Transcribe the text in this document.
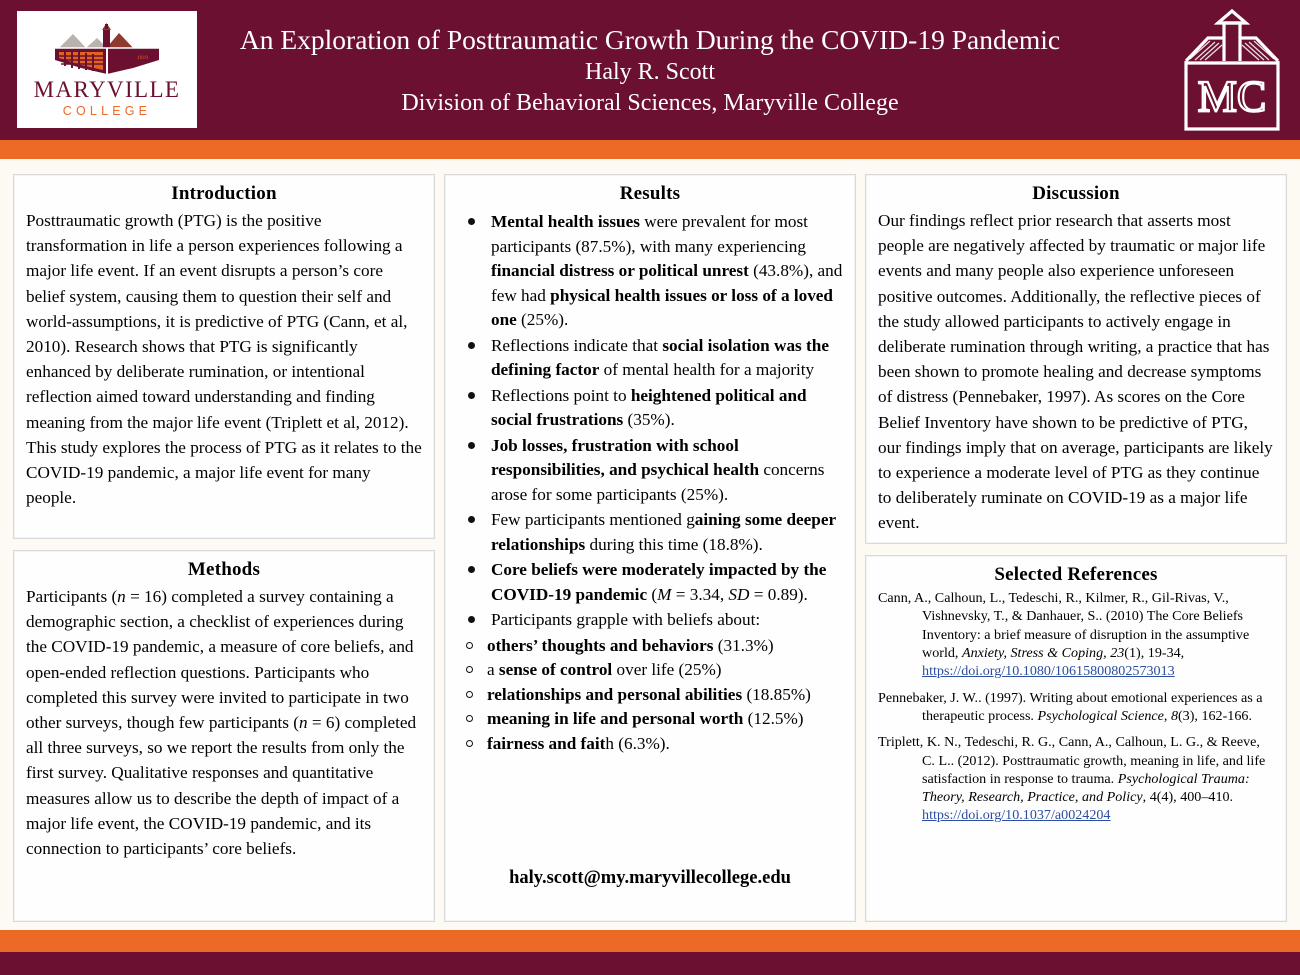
1819
MARYVILLE
COLLEGE
An Exploration of Posttraumatic Growth During the COVID-19 Pandemic
Haly R. Scott
Division of Behavioral Sciences, Maryville College	MC
Introduction

Posttraumatic growth (PTG) is the positive transformation in life a person experiences following a major life event. If an event disrupts a person’s core belief system, causing them to question their self and world-assumptions, it is predictive of PTG (Cann, et al, 2010). Research shows that PTG is significantly enhanced by deliberate rumination, or intentional reflection aimed toward understanding and finding meaning from the major life event (Triplett et al, 2012). This study explores the process of PTG as it relates to the COVID-19 pandemic, a major life event for many people.

Methods

Participants (n = 16) completed a survey containing a demographic section, a checklist of experiences during the COVID-19 pandemic, a measure of core beliefs, and open-ended reflection questions. Participants who completed this survey were invited to participate in two other surveys, though few participants (n = 6) completed all three surveys, so we report the results from only the first survey. Qualitative responses and quantitative measures allow us to describe the depth of impact of a major life event, the COVID-19 pandemic, and its connection to participants’ core beliefs.

Results
Mental health issues were prevalent for most participants (87.5%), with many experiencing financial distress or political unrest (43.8%), and few had physical health issues or loss of a loved one (25%).
Reflections indicate that social isolation was the defining factor of mental health for a majority
Reflections point to heightened political and social frustrations (35%).
Job losses, frustration with school responsibilities, and psychical health concerns arose for some participants (25%).
Few participants mentioned gaining some deeper relationships during this time (18.8%).
Core beliefs were moderately impacted by the COVID-19 pandemic (M = 3.34, SD = 0.89).
Participants grapple with beliefs about:
others’ thoughts and behaviors (31.3%)
a sense of control over life (25%)
relationships and personal abilities (18.85%)
meaning in life and personal worth (12.5%)
fairness and faith (6.3%).
haly.scott@my.maryvillecollege.edu
Discussion

Our findings reflect prior research that asserts most people are negatively affected by traumatic or major life events and many people also experience unforeseen positive outcomes. Additionally, the reflective pieces of the study allowed participants to actively engage in deliberate rumination through writing, a practice that has been shown to promote healing and decrease symptoms of distress (Pennebaker, 1997). As scores on the Core Belief Inventory have shown to be predictive of PTG, our findings imply that on average, participants are likely to experience a moderate level of PTG as they continue to deliberately ruminate on COVID-19 as a major life event.

Selected References
Cann, A., Calhoun, L., Tedeschi, R., Kilmer, R., Gil-Rivas, V., Vishnevsky, T., & Danhauer, S.. (2010) The Core Beliefs Inventory: a brief measure of disruption in the assumptive world, Anxiety, Stress & Coping, 23(1), 19-34, https://doi.org/10.1080/10615800802573013
Pennebaker, J. W.. (1997). Writing about emotional experiences as a therapeutic process. Psychological Science, 8(3), 162-166.
Triplett, K. N., Tedeschi, R. G., Cann, A., Calhoun, L. G., & Reeve, C. L.. (2012). Posttraumatic growth, meaning in life, and life satisfaction in response to trauma. Psychological Trauma: Theory, Research, Practice, and Policy, 4(4), 400–410. https://doi.org/10.1037/a0024204
